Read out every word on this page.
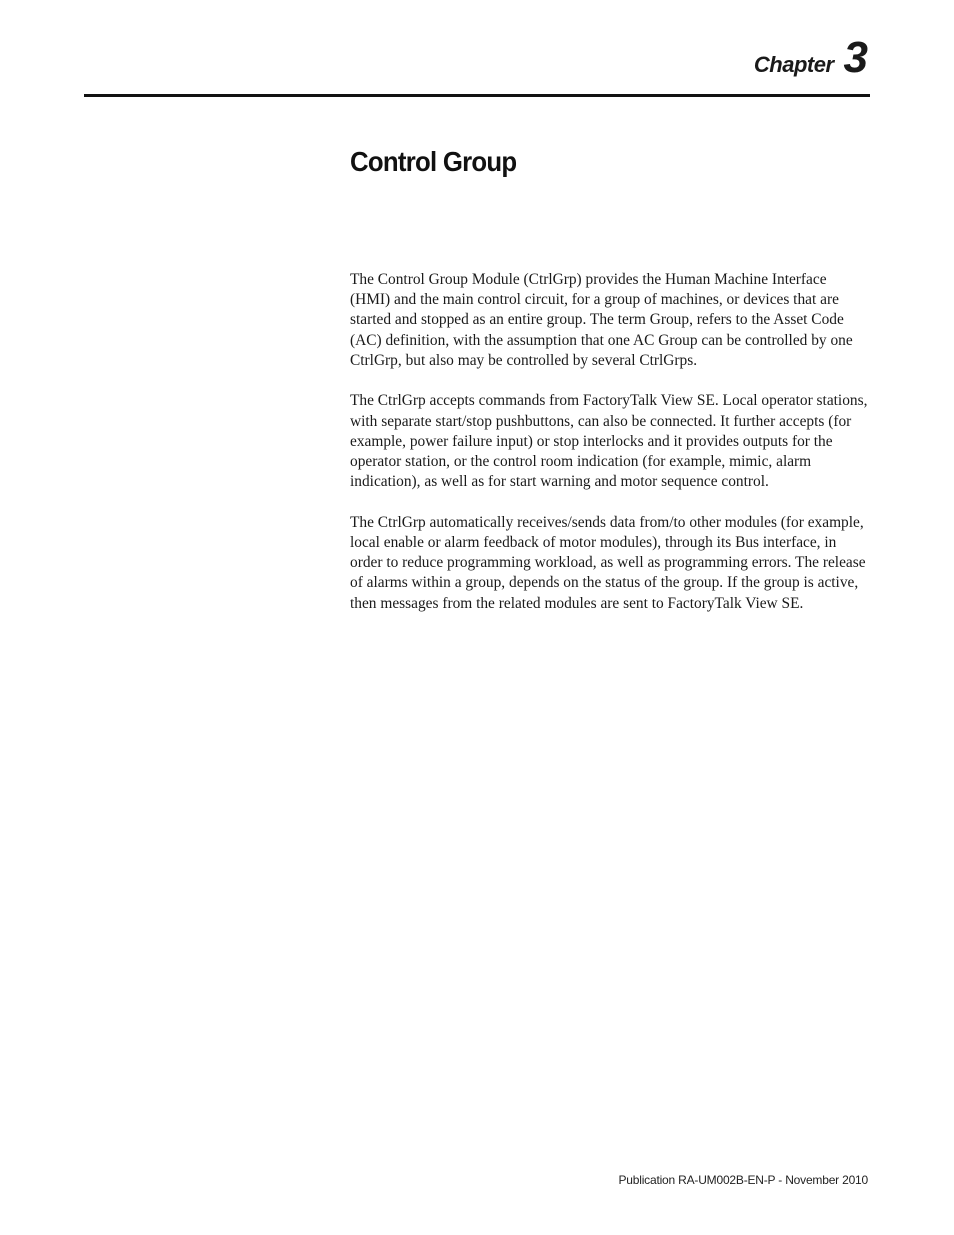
Chapter 3
Control Group

The Control Group Module (CtrlGrp) provides the Human Machine Interface (HMI) and the main control circuit, for a group of machines, or devices that are started and stopped as an entire group. The term Group, refers to the Asset Code (AC) definition, with the assumption that one AC Group can be controlled by one CtrlGrp, but also may be controlled by several CtrlGrps.

The CtrlGrp accepts commands from FactoryTalk View SE. Local operator stations, with separate start/stop pushbuttons, can also be connected. It further accepts (for example, power failure input) or stop interlocks and it provides outputs for the operator station, or the control room indication (for example, mimic, alarm indication), as well as for start warning and motor sequence control.

The CtrlGrp automatically receives/sends data from/to other modules (for example, local enable or alarm feedback of motor modules), through its Bus interface, in order to reduce programming workload, as well as programming errors. The release of alarms within a group, depends on the status of the group. If the group is active, then messages from the related modules are sent to FactoryTalk View SE.

Publication RA-UM002B-EN-P - November 2010
